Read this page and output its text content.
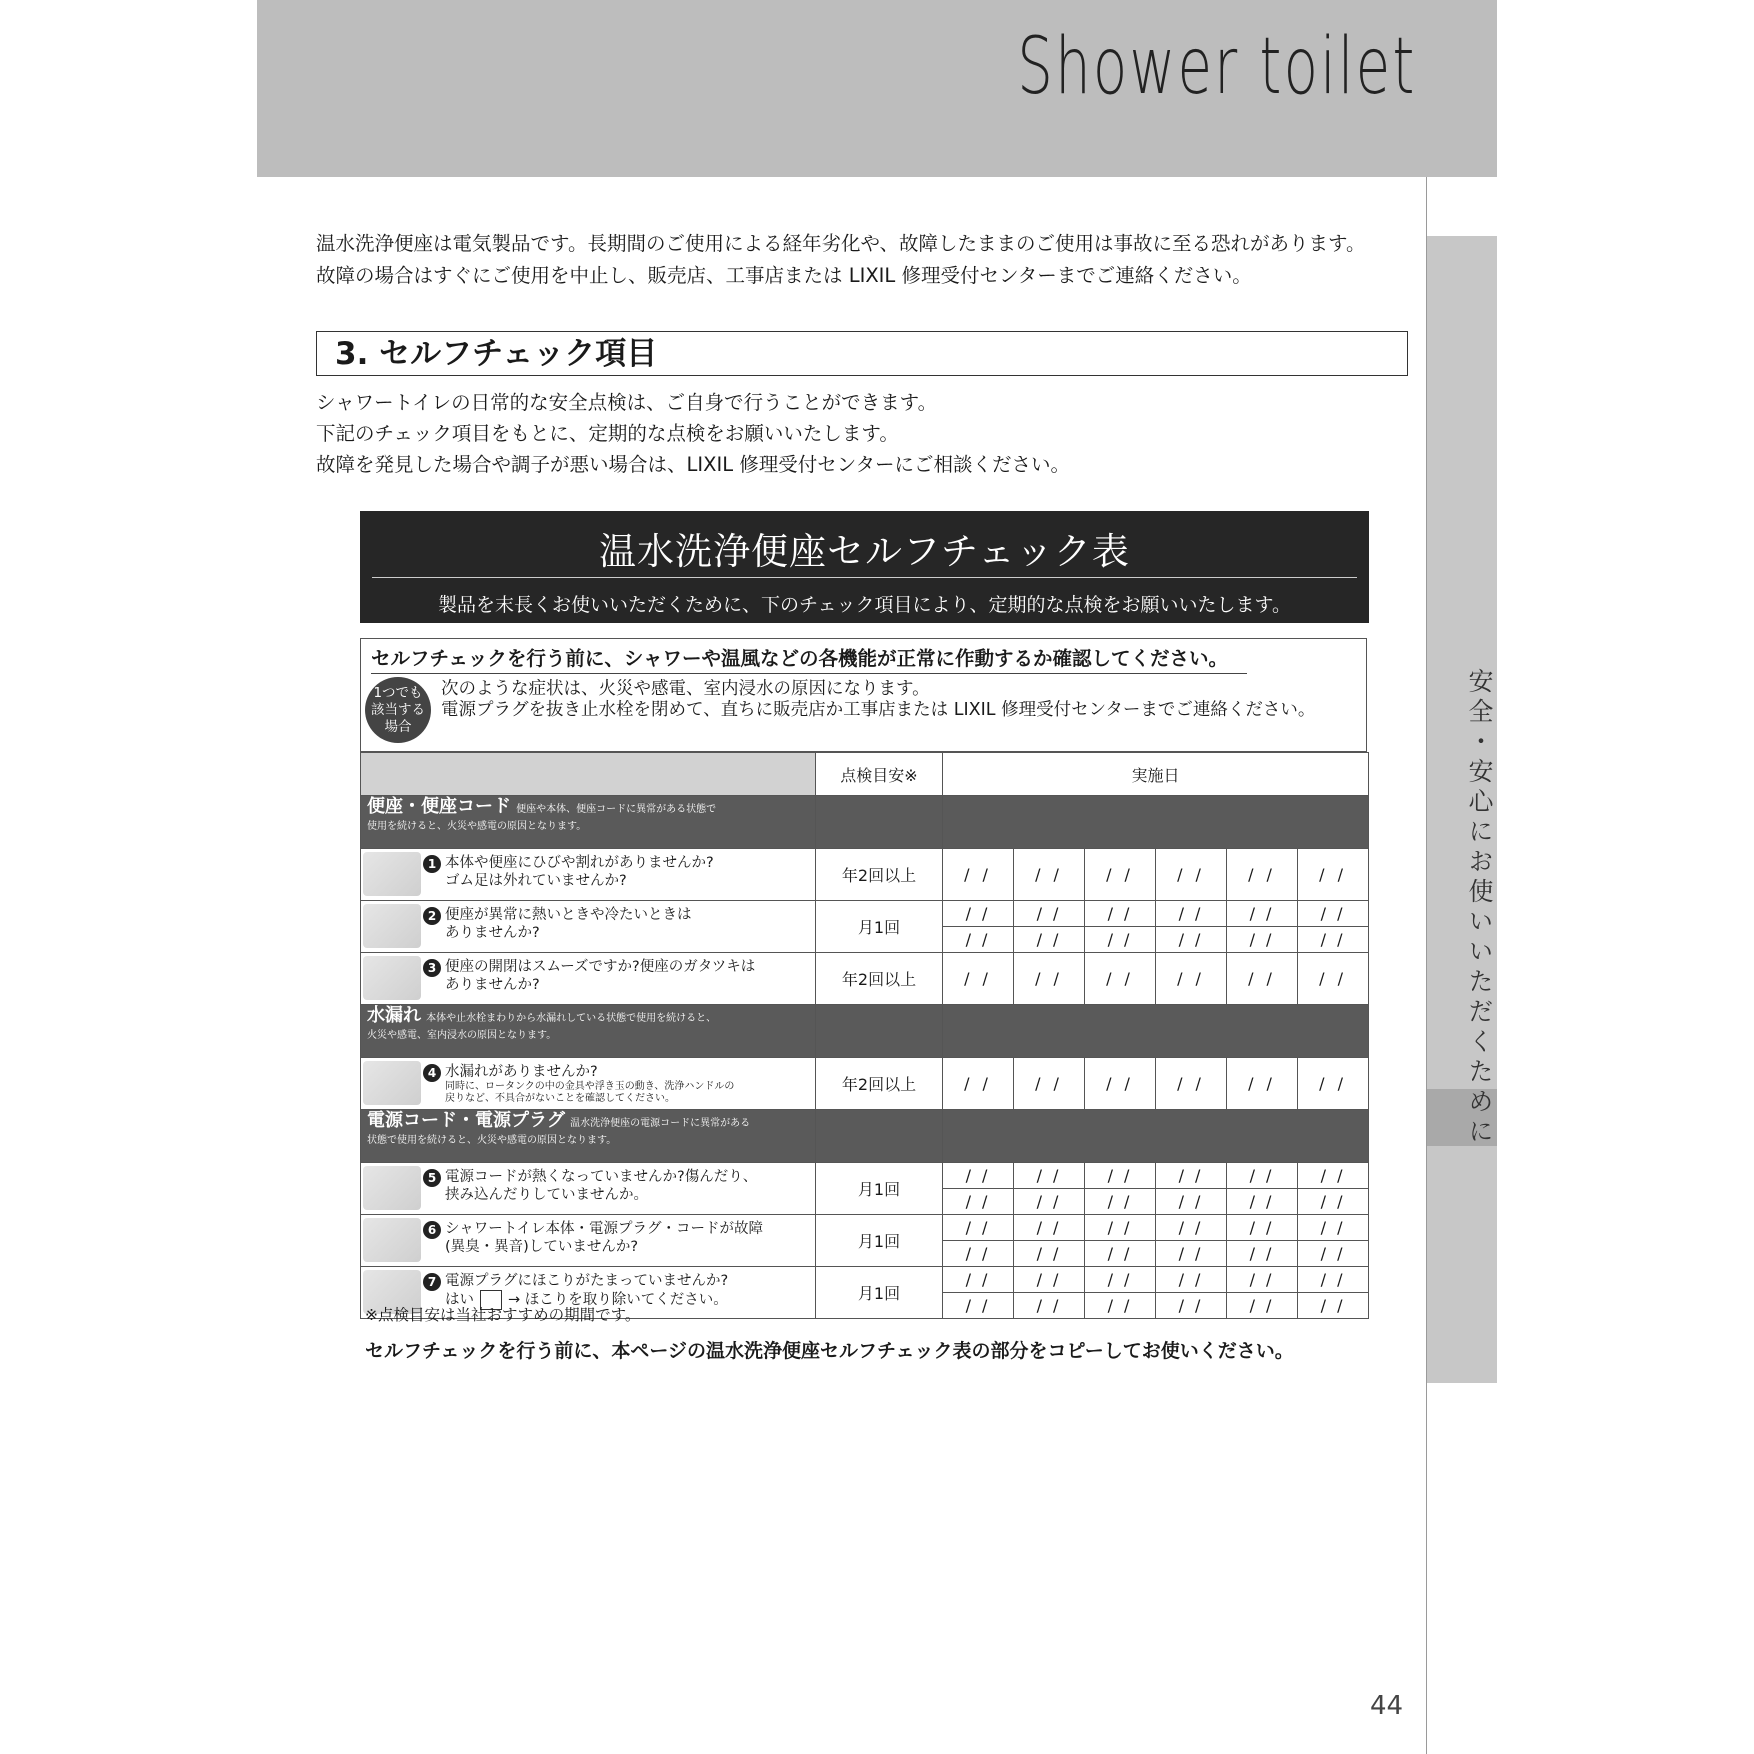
Shower toilet
安全・安心にお使いいただくために

温水洗浄便座は電気製品です。長期間のご使用による経年劣化や、故障したままのご使用は事故に至る恐れがあります。

故障の場合はすぐにご使用を中止し、販売店、工事店または LIXIL 修理受付センターまでご連絡ください。

3. セルフチェック項目

シャワートイレの日常的な安全点検は、ご自身で行うことができます。

下記のチェック項目をもとに、定期的な点検をお願いいたします。

故障を発見した場合や調子が悪い場合は、LIXIL 修理受付センターにご相談ください。

温水洗浄便座セルフチェック表
製品を末長くお使いいただくために、下のチェック項目により、定期的な点検をお願いいたします。
セルフチェックを行う前に、シャワーや温風などの各機能が正常に作動するか確認してください。
1つでも
該当する
場合

次のような症状は、火災や感電、室内浸水の原因になります。

電源プラグを抜き止水栓を閉めて、直ちに販売店か工事店または LIXIL 修理受付センターまでご連絡ください。

	点検目安※	実施日					
便座・便座コード 便座や本体、便座コードに異常がある状態で
使用を続けると、火災や感電の原因となります。							

1 本体や便座にひびや割れがありませんか?
ゴム足は外れていませんか?	年2回以上	/ /	/ /	/ /	/ /	/ /	/ /

2 便座が異常に熱いときや冷たいときは
ありませんか?	月1回	/ /	/ /	/ /	/ /	/ /	/ /
		/ /	/ /	/ /	/ /	/ /	/ /

3 便座の開閉はスムーズですか?便座のガタツキは
ありませんか?	年2回以上	/ /	/ /	/ /	/ /	/ /	/ /
水漏れ 本体や止水栓まわりから水漏れしている状態で使用を続けると、
火災や感電、室内浸水の原因となります。							

4 水漏れがありませんか?

同時に、ロータンクの中の金具や浮き玉の動き、洗浄ハンドルの
戻りなど、不具合がないことを確認してください。	年2回以上	/ /	/ /	/ /	/ /	/ /	/ /
電源コード・電源プラグ 温水洗浄便座の電源コードに異常がある
状態で使用を続けると、火災や感電の原因となります。							

5 電源コードが熱くなっていませんか?傷んだり、
挟み込んだりしていませんか。	月1回	/ /	/ /	/ /	/ /	/ /	/ /
		/ /	/ /	/ /	/ /	/ /	/ /

6 シャワートイレ本体・電源プラグ・コードが故障
(異臭・異音)していませんか?	月1回	/ /	/ /	/ /	/ /	/ /	/ /
		/ /	/ /	/ /	/ /	/ /	/ /

7 電源プラグにほこりがたまっていませんか?
はい → ほこりを取り除いてください。	月1回	/ /	/ /	/ /	/ /	/ /	/ /
		/ /	/ /	/ /	/ /	/ /	/ /
※点検目安は当社おすすめの期間です。
セルフチェックを行う前に、本ページの温水洗浄便座セルフチェック表の部分をコピーしてお使いください。
44
